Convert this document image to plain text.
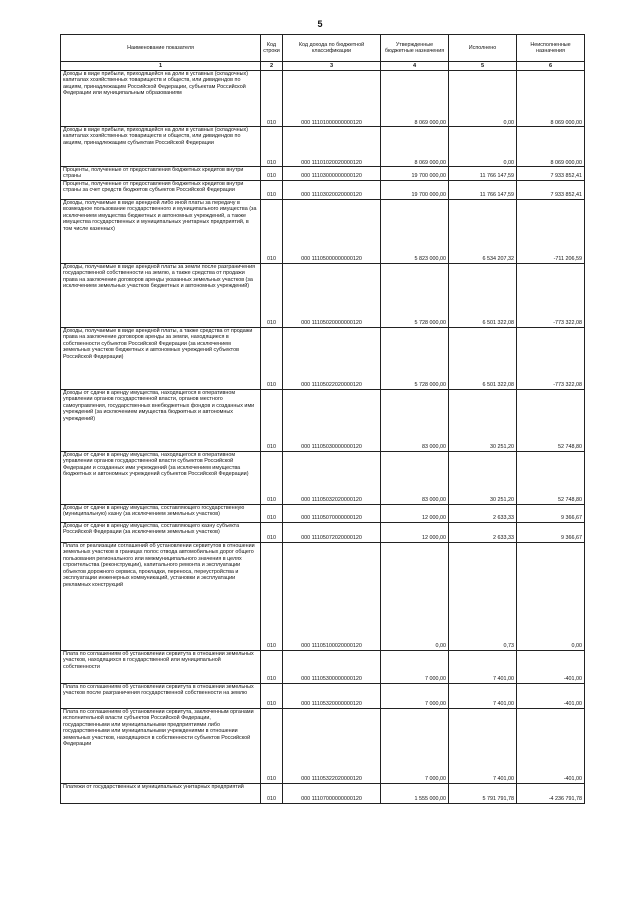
5
Наименование показателя	Код строки	Код дохода по бюджетной классификации	Утвержденные бюджетные назначения	Исполнено	Неисполненные назначения
1	2	3	4	5	6
Доходы в виде прибыли, приходящейся на доли в уставных (складочных) капиталах хозяйственных товариществ и обществ, или дивидендов по акциям, принадлежащим Российской Федерации, субъектам Российской Федерации или муниципальным образованиям	010	000 11101000000000120	8 069 000,00	0,00	8 069 000,00
Доходы в виде прибыли, приходящейся на доли в уставных (складочных) капиталах хозяйственных товариществ и обществ, или дивидендов по акциям, принадлежащим субъектам Российской Федерации	010	000 11101020020000120	8 069 000,00	0,00	8 069 000,00
Проценты, полученные от предоставления бюджетных кредитов внутри страны	010	000 11103000000000120	19 700 000,00	11 766 147,59	7 933 852,41
Проценты, полученные от предоставления бюджетных кредитов внутри страны за счет средств бюджетов субъектов Российской Федерации	010	000 11103020020000120	19 700 000,00	11 766 147,59	7 933 852,41
Доходы, получаемые в виде арендной либо иной платы за передачу в возмездное пользование государственного и муниципального имущества (за исключением имущества бюджетных и автономных учреждений, а также имущества государственных и муниципальных унитарных предприятий, в том числе казенных)	010	000 11105000000000120	5 823 000,00	6 534 207,32	-711 206,59
Доходы, получаемые в виде арендной платы за земли после разграничения государственной собственности на землю, а также средства от продажи права на заключение договоров аренды указанных земельных участков (за исключением земельных участков бюджетных и автономных учреждений)	010	000 11105020000000120	5 728 000,00	6 501 322,08	-773 322,08
Доходы, получаемые в виде арендной платы, а также средства от продажи права на заключение договоров аренды за земли, находящиеся в собственности субъектов Российской Федерации (за исключением земельных участков бюджетных и автономных учреждений субъектов Российской Федерации)	010	000 11105022020000120	5 728 000,00	6 501 322,08	-773 322,08
Доходы от сдачи в аренду имущества, находящегося в оперативном управлении органов государственной власти, органов местного самоуправления, государственных внебюджетных фондов и созданных ими учреждений (за исключением имущества бюджетных и автономных учреждений)	010	000 11105030000000120	83 000,00	30 251,20	52 748,80
Доходы от сдачи в аренду имущества, находящегося в оперативном управлении органов государственной власти субъектов Российской Федерации и созданных ими учреждений (за исключением имущества бюджетных и автономных учреждений субъектов Российской Федерации)	010	000 11105032020000120	83 000,00	30 251,20	52 748,80
Доходы от сдачи в аренду имущества, составляющего государственную (муниципальную) казну (за исключением земельных участков)	010	000 11105070000000120	12 000,00	2 633,33	9 366,67
Доходы от сдачи в аренду имущества, составляющего казну субъекта Российской Федерации (за исключением земельных участков)	010	000 11105072020000120	12 000,00	2 633,33	9 366,67
Плата от реализации соглашений об установлении сервитутов в отношении земельных участков в границах полос отвода автомобильных дорог общего пользования регионального или межмуниципального значения в целях строительства (реконструкции), капитального ремонта и эксплуатации объектов дорожного сервиса, прокладки, переноса, переустройства и эксплуатации инженерных коммуникаций, установки и эксплуатации рекламных конструкций	010	000 11105100020000120	0,00	0,73	0,00
Плата по соглашениям об установлении сервитута в отношении земельных участков, находящихся в государственной или муниципальной собственности	010	000 11105300000000120	7 000,00	7 401,00	-401,00
Плата по соглашениям об установлении сервитута в отношении земельных участков после разграничения государственной собственности на землю	010	000 11105320000000120	7 000,00	7 401,00	-401,00
Плата по соглашениям об установлении сервитута, заключенным органами исполнительной власти субъектов Российской Федерации, государственными или муниципальными предприятиями либо государственными или муниципальными учреждениями в отношении земельных участков, находящихся в собственности субъектов Российской Федерации	010	000 11105322020000120	7 000,00	7 401,00	-401,00
Платежи от государственных и муниципальных унитарных предприятий	010	000 11107000000000120	1 555 000,00	5 791 791,78	-4 236 791,78
